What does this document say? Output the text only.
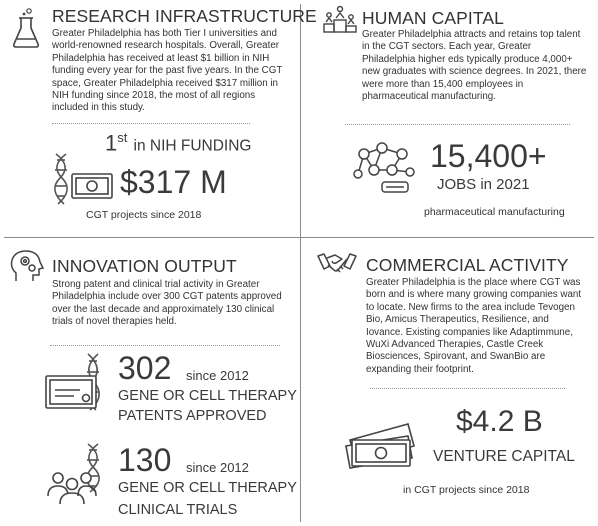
RESEARCH INFRASTRUCTURE
Greater Philadelphia has both Tier I universities and world-renowned research hospitals. Overall, Greater Philadelphia has received at least $1 billion in NIH funding every year for the past five years. In the CGT space, Greater Philadelphia received $317 million in NIH funding since 2018, the most of all regions included in this study.
1st in NIH FUNDING
$317 M
CGT projects since 2018
HUMAN CAPITAL
Greater Philadelphia attracts and retains top talent in the CGT sectors. Each year, Greater Philadelphia higher eds typically produce 4,000+ new graduates with science degrees. In 2021, there were more than 15,400 employees in pharmaceutical manufacturing.
15,400+
JOBS in 2021
pharmaceutical manufacturing
INNOVATION OUTPUT
Strong patent and clinical trial activity in Greater Philadelphia include over 300 CGT patents approved over the last decade and approximately 130 clinical trials of novel therapies held.
302 since 2012
GENE OR CELL THERAPY
PATENTS APPROVED
130 since 2012
GENE OR CELL THERAPY
CLINICAL TRIALS
COMMERCIAL ACTIVITY
Greater Philadelphia is the place where CGT was born and is where many growing companies want to locate. New firms to the area include Tevogen Bio, Amicus Therapeutics, Resilience, and Iovance. Existing companies like Adaptimmune, WuXi Advanced Therapies, Castle Creek Biosciences, Spirovant, and SwanBio are expanding their footprint.
$4.2 B
VENTURE CAPITAL
in CGT projects since 2018
